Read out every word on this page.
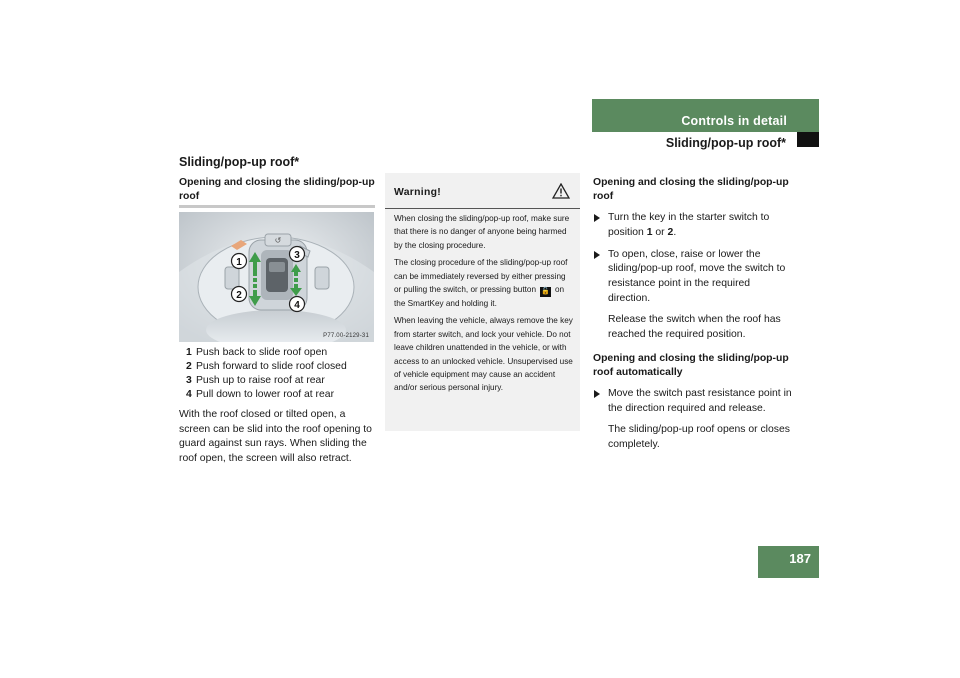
Controls in detail
Sliding/pop-up roof*
187
Sliding/pop-up roof*
Opening and closing the sliding/pop-up roof
↺
1
2
3
4
P77.00-2129-31
1 Push back to slide roof open
2 Push forward to slide roof closed
3 Push up to raise roof at rear
4 Pull down to lower roof at rear
With the roof closed or tilted open, a screen can be slid into the roof opening to guard against sun rays. When sliding the roof open, the screen will also retract.
Warning!

When closing the sliding/pop-up roof, make sure that there is no danger of anyone being harmed by the closing procedure.

The closing procedure of the sliding/pop-up roof can be immediately reversed by either pressing or pulling the switch, or pressing button 🔓 on the SmartKey and holding it.

When leaving the vehicle, always remove the key from starter switch, and lock your vehicle. Do not leave children unattended in the vehicle, or with access to an unlocked vehicle. Unsupervised use of vehicle equipment may cause an accident and/or serious personal injury.

Opening and closing the sliding/pop-up roof
Turn the key in the starter switch to position 1 or 2.
To open, close, raise or lower the sliding/pop-up roof, move the switch to resistance point in the required direction.
Release the switch when the roof has reached the required position.
Opening and closing the sliding/pop-up roof automatically
Move the switch past resistance point in the direction required and release.
The sliding/pop-up roof opens or closes completely.
